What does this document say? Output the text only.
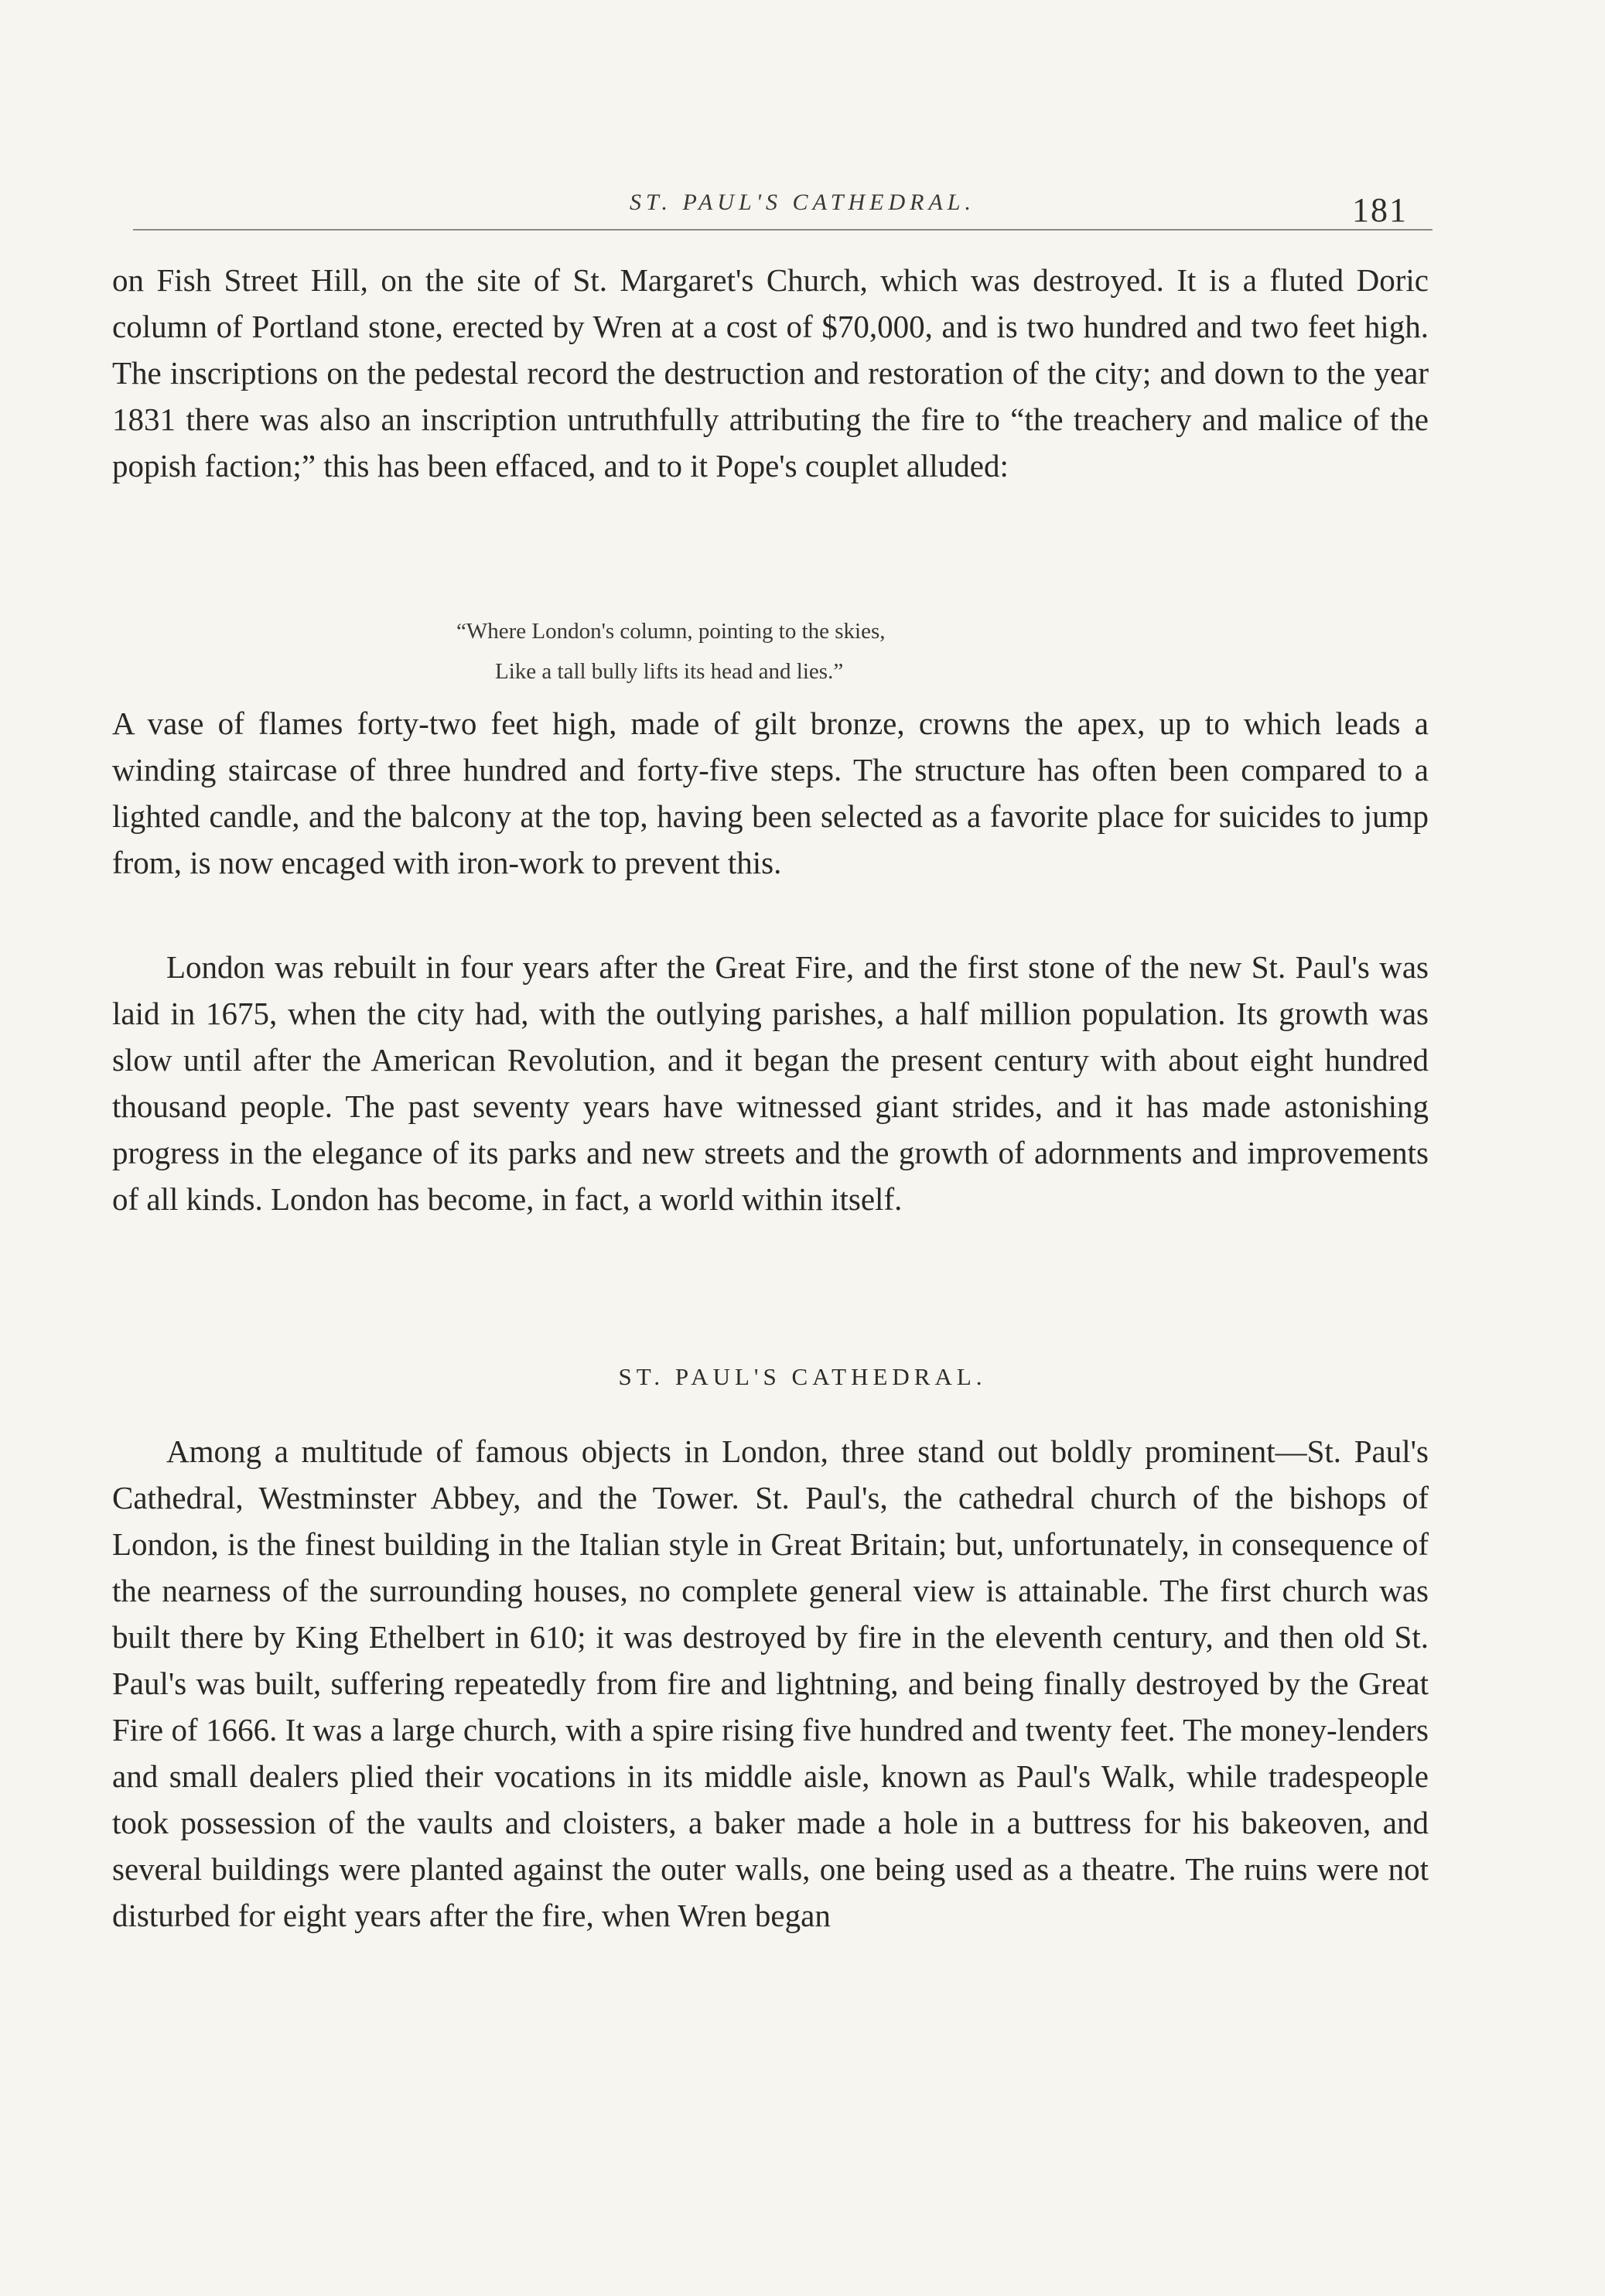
ST. PAUL'S CATHEDRAL.	181

on Fish Street Hill, on the site of St. Margaret's Church, which was destroyed. It is a fluted Doric column of Portland stone, erected by Wren at a cost of $70,000, and is two hundred and two feet high. The inscriptions on the pedestal record the destruction and restoration of the city; and down to the year 1831 there was also an inscription untruthfully attributing the fire to “the treachery and malice of the popish faction;” this has been effaced, and to it Pope's couplet alluded:

“Where London's column, pointing to the skies,
Like a tall bully lifts its head and lies.”

A vase of flames forty-two feet high, made of gilt bronze, crowns the apex, up to which leads a winding staircase of three hundred and forty-five steps. The structure has often been compared to a lighted candle, and the balcony at the top, having been selected as a favorite place for suicides to jump from, is now encaged with iron-work to prevent this.

London was rebuilt in four years after the Great Fire, and the first stone of the new St. Paul's was laid in 1675, when the city had, with the outlying parishes, a half million population. Its growth was slow until after the American Revolution, and it began the present century with about eight hundred thousand people. The past seventy years have witnessed giant strides, and it has made astonishing progress in the elegance of its parks and new streets and the growth of adornments and improvements of all kinds. London has become, in fact, a world within itself.

ST. PAUL'S CATHEDRAL.

Among a multitude of famous objects in London, three stand out boldly prominent—St. Paul's Cathedral, Westminster Abbey, and the Tower. St. Paul's, the cathedral church of the bishops of London, is the finest building in the Italian style in Great Britain; but, unfortunately, in consequence of the nearness of the surrounding houses, no complete general view is attainable. The first church was built there by King Ethelbert in 610; it was destroyed by fire in the eleventh century, and then old St. Paul's was built, suffering repeatedly from fire and lightning, and being finally destroyed by the Great Fire of 1666. It was a large church, with a spire rising five hundred and twenty feet. The money-lenders and small dealers plied their vocations in its middle aisle, known as Paul's Walk, while tradespeople took possession of the vaults and cloisters, a baker made a hole in a buttress for his bakeoven, and several buildings were planted against the outer walls, one being used as a theatre. The ruins were not disturbed for eight years after the fire, when Wren began
